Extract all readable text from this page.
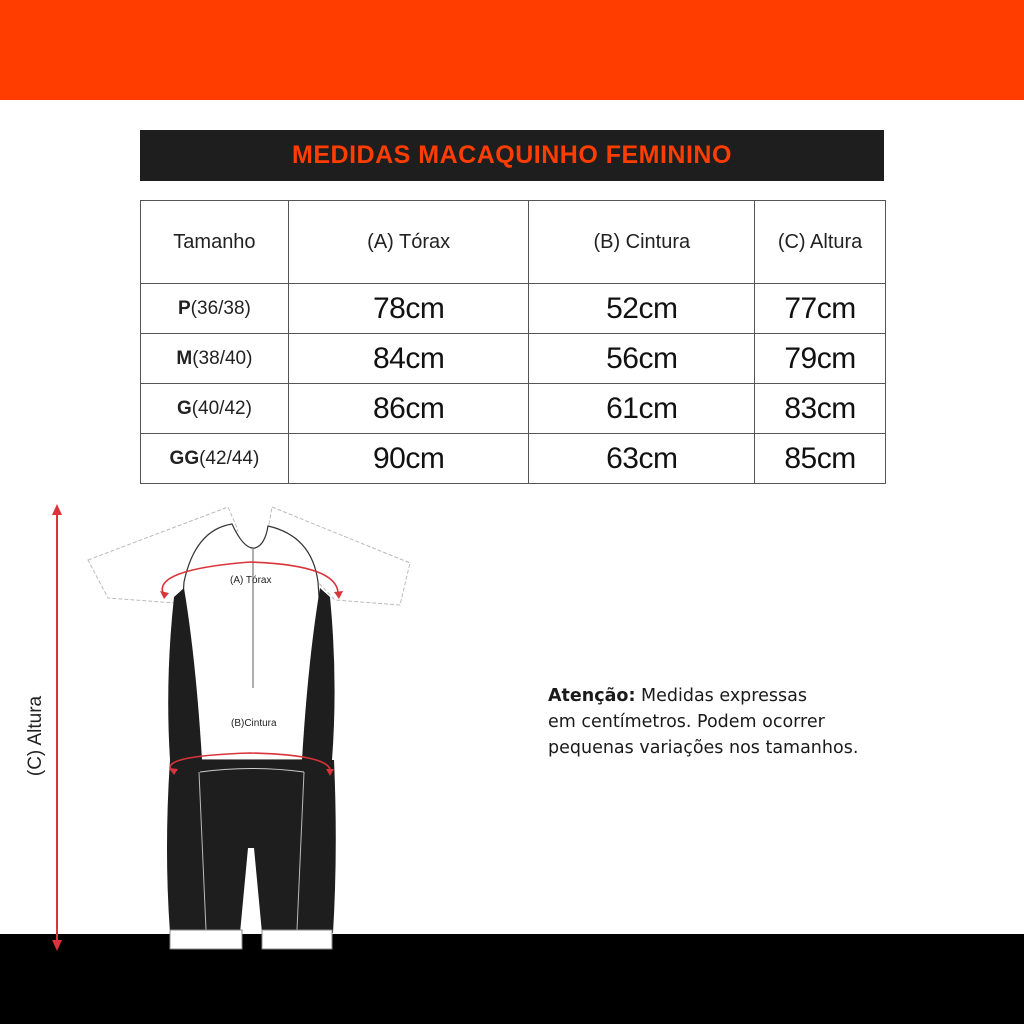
MEDIDAS MACAQUINHO FEMININO
Tamanho	(A) Tórax	(B) Cintura	(C) Altura
P(36/38)	78cm	52cm	77cm
M(38/40)	84cm	56cm	79cm
G(40/42)	86cm	61cm	83cm
GG(42/44)	90cm	63cm	85cm
(A) Tórax
(B)Cintura
(C) Altura	Atenção: Medidas expressas
em centímetros. Podem ocorrer
pequenas variações nos tamanhos.
